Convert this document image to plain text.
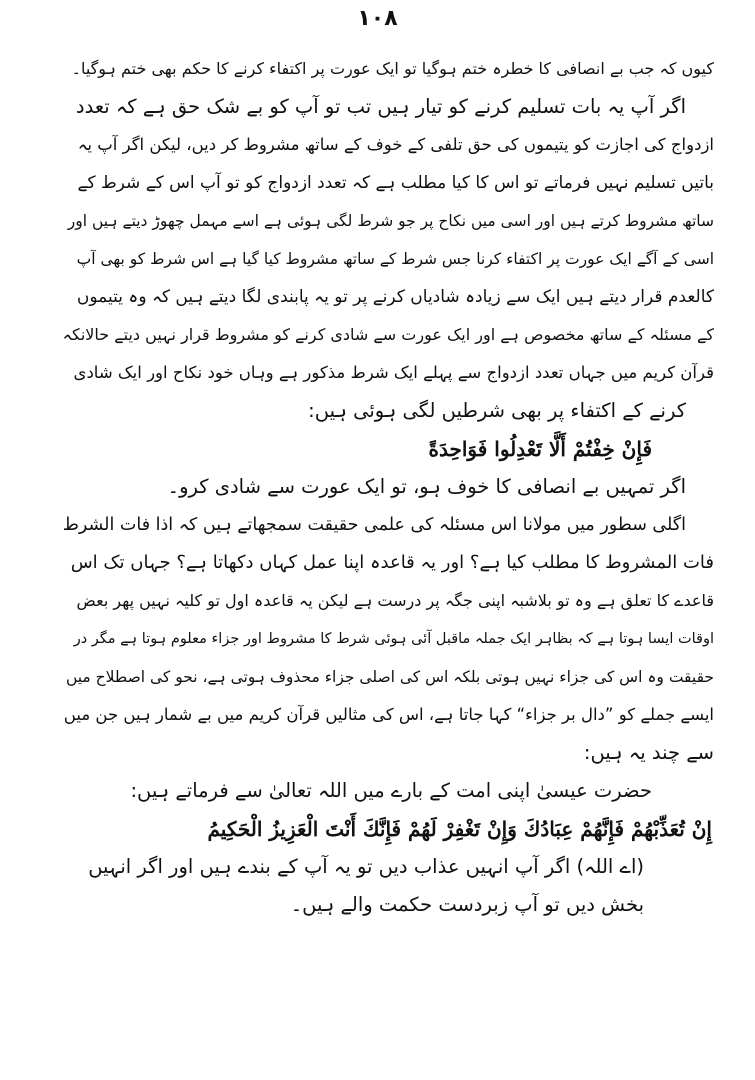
١٠٨
کیوں کہ جب بے انصافی کا خطرہ ختم ہوگیا تو ایک عورت پر اکتفاء کرنے کا حکم بھی ختم ہوگیا۔
اگر آپ یہ بات تسلیم کرنے کو تیار ہیں تب تو آپ کو بے شک حق ہے کہ تعدد
ازدواج کی اجازت کو یتیموں کی حق تلفی کے خوف کے ساتھ مشروط کر دیں، لیکن اگر آپ یہ
باتیں تسلیم نہیں فرماتے تو اس کا کیا مطلب ہے کہ تعدد ازدواج کو تو آپ اس کے شرط کے
ساتھ مشروط کرتے ہیں اور اسی میں نکاح پر جو شرط لگی ہوئی ہے اسے مہمل چھوڑ دیتے ہیں اور
اسی کے آگے ایک عورت پر اکتفاء کرنا جس شرط کے ساتھ مشروط کیا گیا ہے اس شرط کو بھی آپ
کالعدم قرار دیتے ہیں ایک سے زیادہ شادیاں کرنے پر تو یہ پابندی لگا دیتے ہیں کہ وہ یتیموں
کے مسئلہ کے ساتھ مخصوص ہے اور ایک عورت سے شادی کرنے کو مشروط قرار نہیں دیتے حالانکہ
قرآن کریم میں جہاں تعدد ازدواج سے پہلے ایک شرط مذکور ہے وہاں خود نکاح اور ایک شادی
کرنے کے اکتفاء پر بھی شرطیں لگی ہوئی ہیں:
فَإِنْ خِفْتُمْ أَلَّا تَعْدِلُوا فَوَاحِدَةً
اگر تمہیں بے انصافی کا خوف ہو، تو ایک عورت سے شادی کرو۔
اگلی سطور میں مولانا اس مسئلہ کی علمی حقیقت سمجھاتے ہیں کہ اذا فات الشرط
فات المشروط کا مطلب کیا ہے؟ اور یہ قاعدہ اپنا عمل کہاں دکھاتا ہے؟ جہاں تک اس
قاعدے کا تعلق ہے وہ تو بلاشبہ اپنی جگہ پر درست ہے لیکن یہ قاعدہ اول تو کلیہ نہیں پھر بعض
اوقات ایسا ہوتا ہے کہ بظاہر ایک جملہ ماقبل آئی ہوئی شرط کا مشروط اور جزاء معلوم ہوتا ہے مگر در
حقیقت وہ اس کی جزاء نہیں ہوتی بلکہ اس کی اصلی جزاء محذوف ہوتی ہے، نحو کی اصطلاح میں
ایسے جملے کو ”دال بر جزاء“ کہا جاتا ہے، اس کی مثالیں قرآن کریم میں بے شمار ہیں جن میں
سے چند یہ ہیں:
حضرت عیسیٰ اپنی امت کے بارے میں اللہ تعالیٰ سے فرماتے ہیں:
إِنْ تُعَذِّبْهُمْ فَإِنَّهُمْ عِبَادُكَ وَإِنْ تَغْفِرْ لَهُمْ فَإِنَّكَ أَنْتَ الْعَزِيزُ الْحَكِيمُ
(اے اللہ) اگر آپ انہیں عذاب دیں تو یہ آپ کے بندے ہیں اور اگر انہیں
بخش دیں تو آپ زبردست حکمت والے ہیں۔
